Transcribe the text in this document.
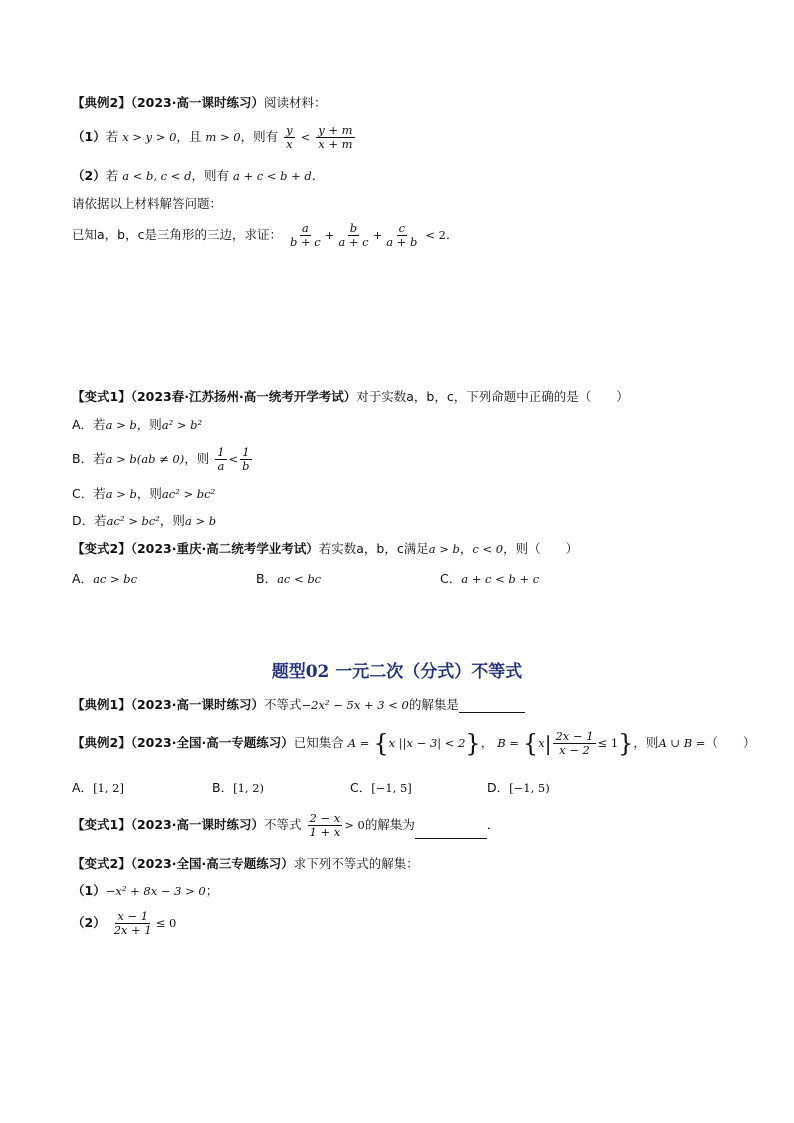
【典例2】（2023·高一课时练习）阅读材料：
（1）若 x > y > 0，且 m > 0，则有 $\frac{y}{x} < \frac{y + m}{x + m}$
（2）若 a < b, c < d，则有 a + c < b + d．
请依据以上材料解答问题：
已知a，b，c是三角形的三边，求证： $\frac{a}{b + c} + \frac{b}{a + c} + \frac{c}{a + b} < 2$．
【变式1】（2023春·江苏扬州·高一统考开学考试）对于实数a，b，c，下列命题中正确的是（　　）
A．若a > b，则a² > b²
B．若a > b(ab ≠ 0)，则 $\frac{1}{a} < \frac{1}{b}$
C．若a > b，则ac² > bc²
D．若ac² > bc²，则a > b
【变式2】（2023·重庆·高二统考学业考试）若实数a，b，c满足a > b，c < 0，则（　　）
A．ac > bc	B．ac < bc	C．a + c < b + c
题型02 一元二次（分式）不等式
【典例1】（2023·高一课时练习）不等式−2x² − 5x + 3 < 0的解集是
【典例2】（2023·全国·高一专题练习）已知集合 A = {x ||x − 3| < 2}， $B = \{x| \frac{2x - 1}{x - 2} \le 1\}$，则A ∪ B =（　　）
A．[1, 2]	B．[1, 2)	C．[−1, 5]	D．[−1, 5)
【变式1】（2023·高一课时练习）不等式 $\frac{2 - x}{1 + x} > 0$的解集为	．
【变式2】（2023·全国·高三专题练习）求下列不等式的解集：
（1）−x² + 8x − 3 > 0；
$(2) \frac{x - 1}{2x + 1} \le 0$
